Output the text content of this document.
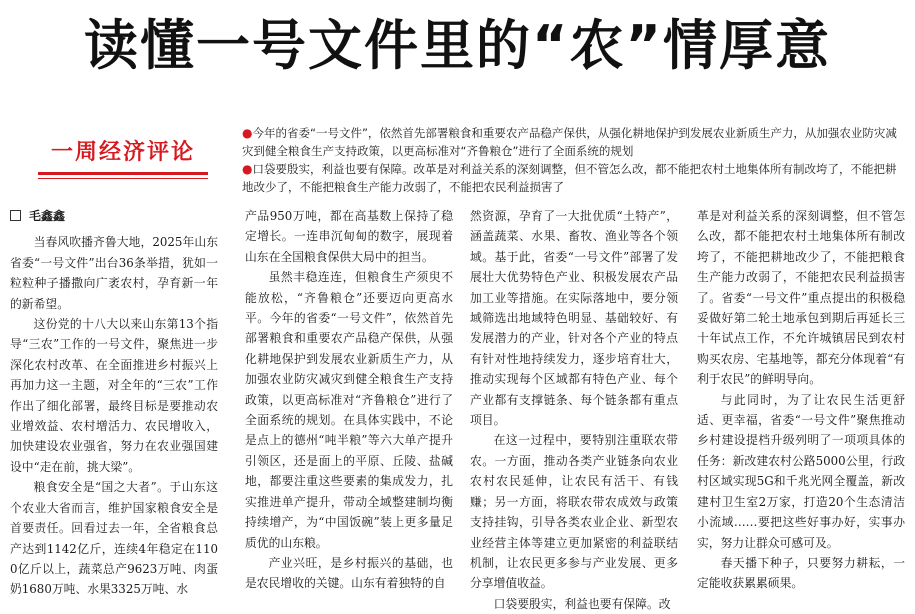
读懂一号文件里的“农”情厚意
一周经济评论

●今年的省委“一号文件”，依然首先部署粮食和重要农产品稳产保供，从强化耕地保护到发展农业新质生产力，从加强农业防灾减灾到健全粮食生产支持政策，以更高标准对“齐鲁粮仓”进行了全面系统的规划

●口袋要殷实，利益也要有保障。改革是对利益关系的深刻调整，但不管怎么改，都不能把农村土地集体所有制改垮了，不能把耕地改少了，不能把粮食生产能力改弱了，不能把农民利益损害了

毛鑫鑫

当春风吹播齐鲁大地，2025年山东省委“一号文件”出台36条举措，犹如一粒粒种子播撒向广袤农村，孕育新一年的新希望。

这份党的十八大以来山东第13个指导“三农”工作的一号文件，聚焦进一步深化农村改革、在全面推进乡村振兴上再加力这一主题，对全年的“三农”工作作出了细化部署，最终目标是要推动农业增效益、农村增活力、农民增收入，加快建设农业强省，努力在农业强国建设中“走在前，挑大梁”。

粮食安全是“国之大者”。于山东这个农业大省而言，维护国家粮食安全是首要责任。回看过去一年，全省粮食总产达到1142亿斤，连续4年稳定在1100亿斤以上，蔬菜总产9623万吨、肉蛋奶1680万吨、水果3325万吨、水

产品950万吨，都在高基数上保持了稳定增长。一连串沉甸甸的数字，展现着山东在全国粮食保供大局中的担当。

虽然丰稳连连，但粮食生产须臾不能放松，“齐鲁粮仓”还要迈向更高水平。今年的省委“一号文件”，依然首先部署粮食和重要农产品稳产保供，从强化耕地保护到发展农业新质生产力，从加强农业防灾减灾到健全粮食生产支持政策，以更高标准对“齐鲁粮仓”进行了全面系统的规划。在具体实践中，不论是点上的德州“吨半粮”等六大单产提升引领区，还是面上的平原、丘陵、盐碱地，都要注重这些要素的集成发力，扎实推进单产提升，带动全域整建制均衡持续增产，为“中国饭碗”装上更多量足质优的山东粮。

产业兴旺，是乡村振兴的基础，也是农民增收的关键。山东有着独特的自

然资源，孕育了一大批优质“土特产”，涵盖蔬菜、水果、畜牧、渔业等各个领域。基于此，省委“一号文件”部署了发展壮大优势特色产业、积极发展农产品加工业等措施。在实际落地中，要分领域筛选出地域特色明显、基础较好、有发展潜力的产业，针对各个产业的特点有针对性地持续发力，逐步培育壮大，推动实现每个区域都有特色产业、每个产业都有支撑链条、每个链条都有重点项目。

在这一过程中，要特别注重联农带农。一方面，推动各类产业链条向农业农村农民延伸，让农民有活干、有钱赚；另一方面，将联农带农成效与政策支持挂钩，引导各类农业企业、新型农业经营主体等建立更加紧密的利益联结机制，让农民更多参与产业发展、更多分享增值收益。

口袋要殷实，利益也要有保障。改

革是对利益关系的深刻调整，但不管怎么改，都不能把农村土地集体所有制改垮了，不能把耕地改少了，不能把粮食生产能力改弱了，不能把农民利益损害了。省委“一号文件”重点提出的积极稳妥做好第二轮土地承包到期后再延长三十年试点工作，不允许城镇居民到农村购买农房、宅基地等，都充分体现着“有利于农民”的鲜明导向。

与此同时，为了让农民生活更舒适、更幸福，省委“一号文件”聚焦推动乡村建设提档升级列明了一项项具体的任务：新改建农村公路5000公里，行政村区域实现5G和千兆光网全覆盖，新改建村卫生室2万家，打造20个生态清洁小流域……要把这些好事办好，实事办实，努力让群众可感可及。

春天播下种子，只要努力耕耘，一定能收获累累硕果。
